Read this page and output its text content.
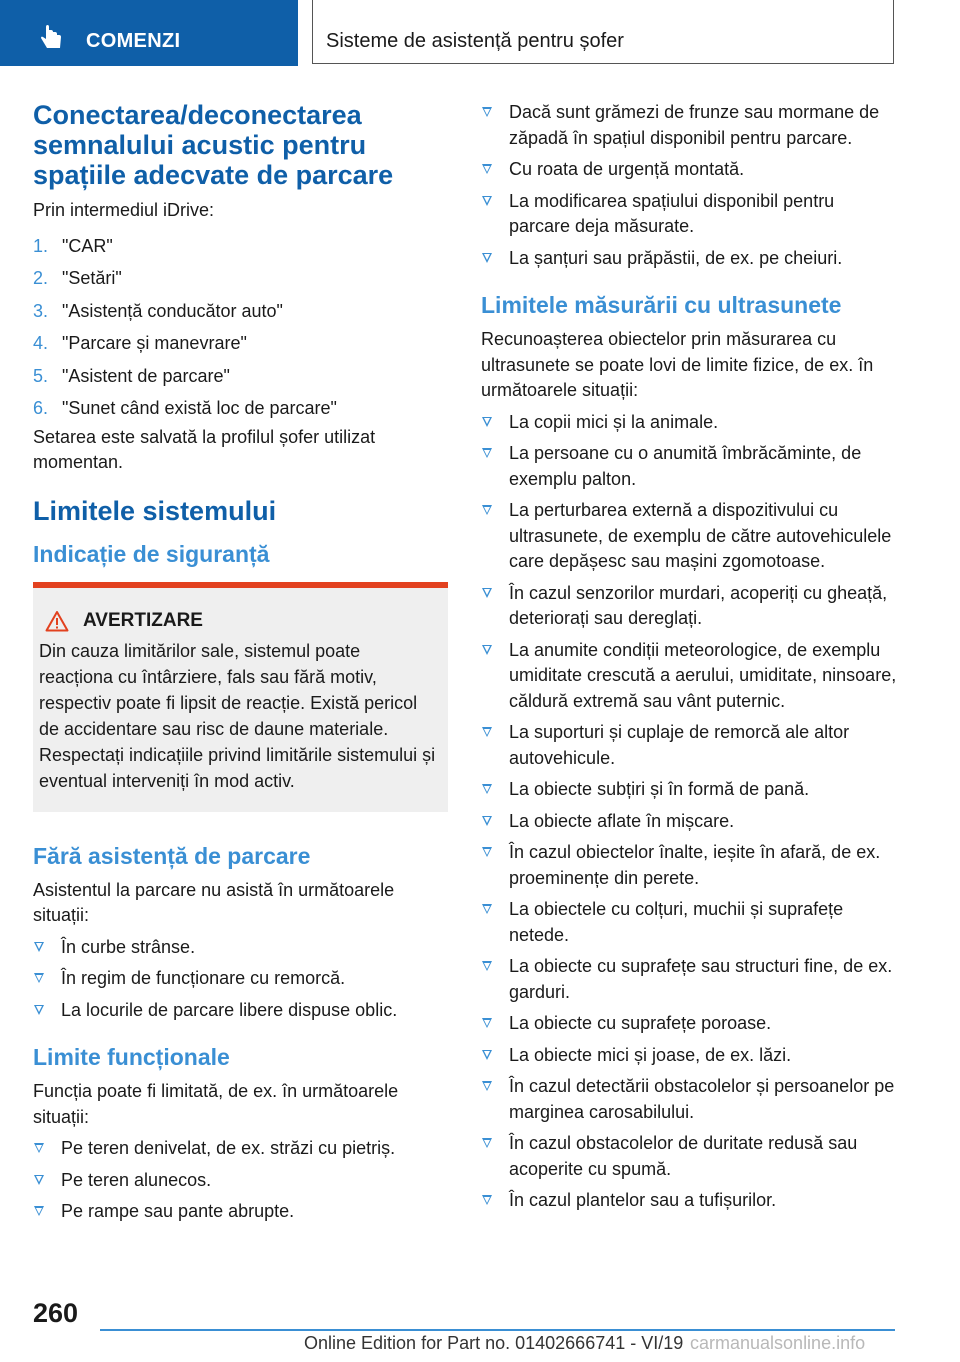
COMENZI	Sisteme de asistență pentru șofer
Conectarea/deconectarea semnalului acustic pentru spațiile adecvate de parcare

Prin intermediul iDrive:

1. "CAR"
2. "Setări"
3. "Asistență conducător auto"
4. "Parcare și manevrare"
5. "Asistent de parcare"
6. "Sunet când există loc de parcare"

Setarea este salvată la profilul șofer utilizat momentan.

Limitele sistemului
Indicație de siguranță
AVERTIZARE

Din cauza limitărilor sale, sistemul poate reacționa cu întârziere, fals sau fără motiv, respectiv poate fi lipsit de reacție. Există pericol de accidentare sau risc de daune materiale. Respectați indicațiile privind limitările sistemului și eventual interveniți în mod activ.

Fără asistență de parcare

Asistentul la parcare nu asistă în următoarele situații:

În curbe strânse.
În regim de funcționare cu remorcă.
La locurile de parcare libere dispuse oblic.
Limite funcționale

Funcția poate fi limitată, de ex. în următoarele situații:

Pe teren denivelat, de ex. străzi cu pietriș.
Pe teren alunecos.
Pe rampe sau pante abrupte.
Dacă sunt grămezi de frunze sau mormane de zăpadă în spațiul disponibil pentru parcare.
Cu roata de urgență montată.
La modificarea spațiului disponibil pentru parcare deja măsurate.
La șanțuri sau prăpăstii, de ex. pe cheiuri.
Limitele măsurării cu ultrasunete

Recunoașterea obiectelor prin măsurarea cu ultrasunete se poate lovi de limite fizice, de ex. în următoarele situații:

La copii mici și la animale.
La persoane cu o anumită îmbrăcăminte, de exemplu palton.
La perturbarea externă a dispozitivului cu ultrasunete, de exemplu de către autovehiculele care depășesc sau mașini zgomotoase.
În cazul senzorilor murdari, acoperiți cu gheață, deteriorați sau dereglați.
La anumite condiții meteorologice, de exemplu umiditate crescută a aerului, umiditate, ninsoare, căldură extremă sau vânt puternic.
La suporturi și cuplaje de remorcă ale altor autovehicule.
La obiecte subțiri și în formă de pană.
La obiecte aflate în mișcare.
În cazul obiectelor înalte, ieșite în afară, de ex. proeminențe din perete.
La obiectele cu colțuri, muchii și suprafețe netede.
La obiecte cu suprafețe sau structuri fine, de ex. garduri.
La obiecte cu suprafețe poroase.
La obiecte mici și joase, de ex. lăzi.
În cazul detectării obstacolelor și persoanelor pe marginea carosabilului.
În cazul obstacolelor de duritate redusă sau acoperite cu spumă.
În cazul plantelor sau a tufișurilor.
260
Online Edition for Part no. 01402666741 - VI/19 carmanualsonline.info
